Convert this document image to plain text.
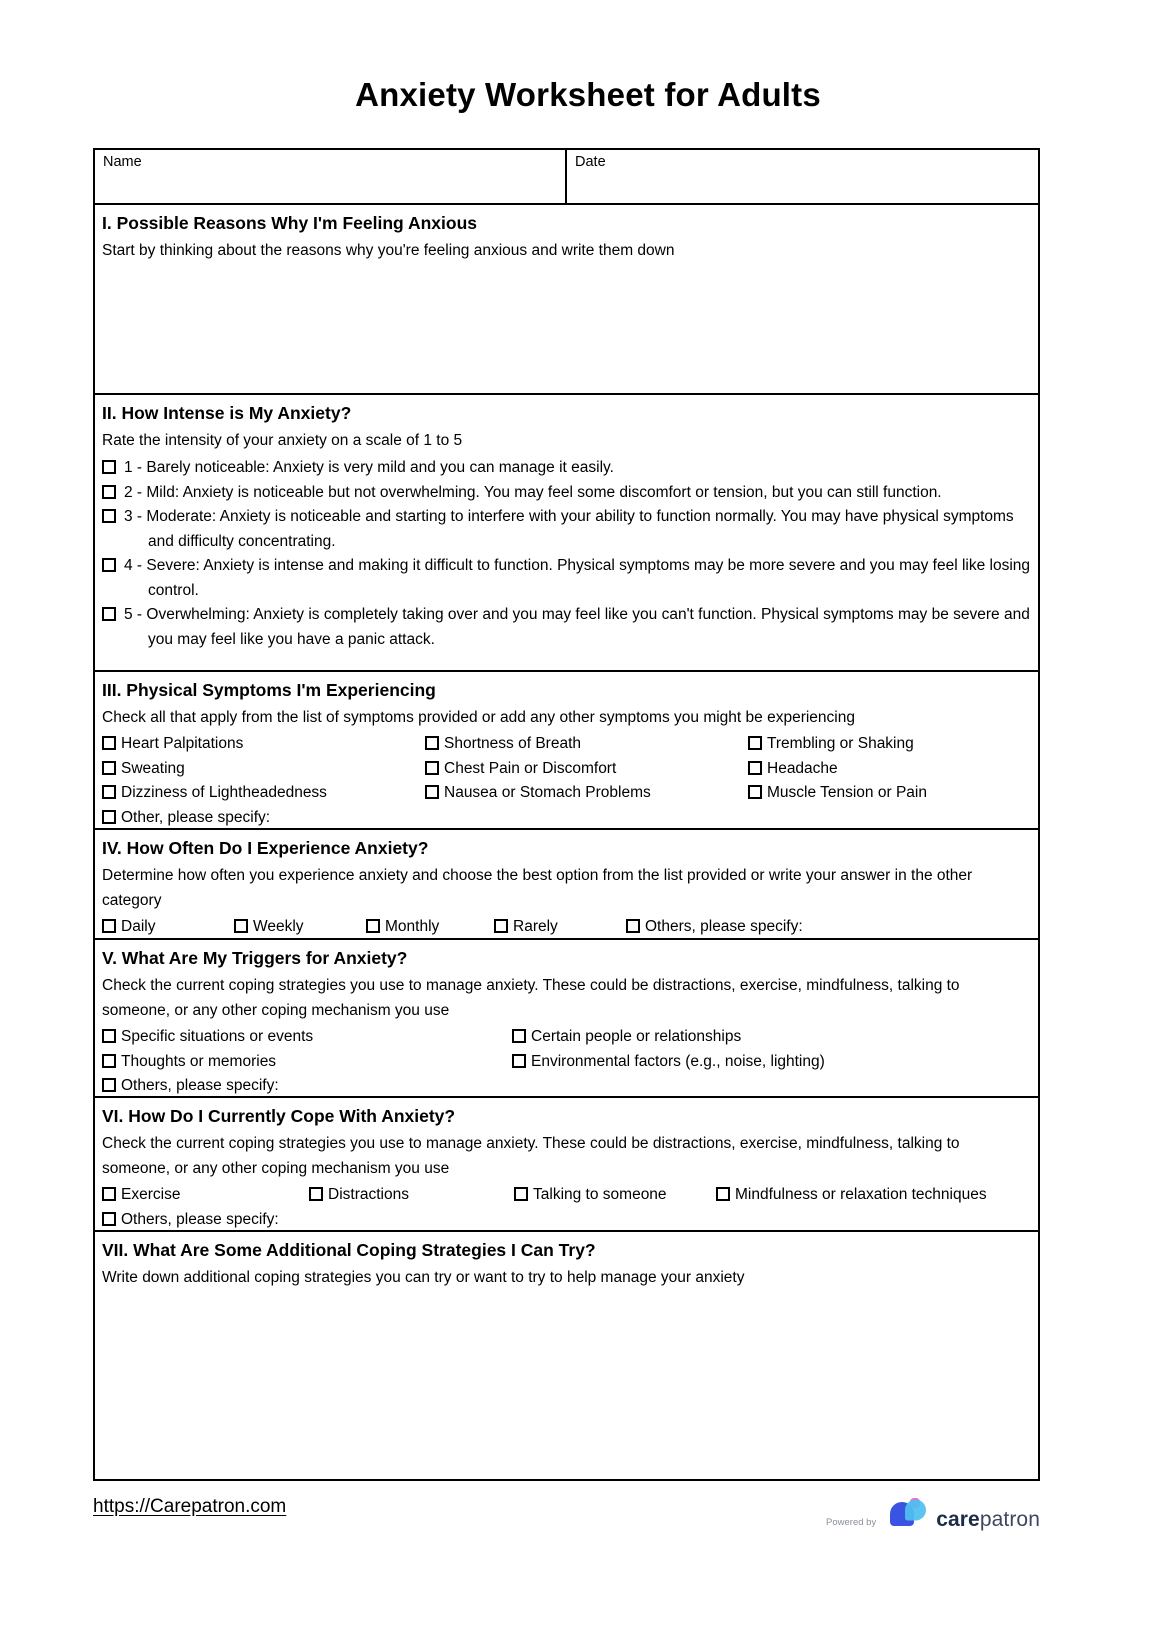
Anxiety Worksheet for Adults
Name	Date
I. Possible Reasons Why I'm Feeling Anxious
Start by thinking about the reasons why you're feeling anxious and write them down
II. How Intense is My Anxiety?
Rate the intensity of your anxiety on a scale of 1 to 5
1 - Barely noticeable: Anxiety is very mild and you can manage it easily.
2 - Mild: Anxiety is noticeable but not overwhelming. You may feel some discomfort or tension, but you can still function.
3 - Moderate: Anxiety is noticeable and starting to interfere with your ability to function normally. You may have physical symptoms and difficulty concentrating.
4 - Severe: Anxiety is intense and making it difficult to function. Physical symptoms may be more severe and you may feel like losing control.
5 - Overwhelming: Anxiety is completely taking over and you may feel like you can't function. Physical symptoms may be severe and you may feel like you have a panic attack.
III. Physical Symptoms I'm Experiencing
Check all that apply from the list of symptoms provided or add any other symptoms you might be experiencing
Heart Palpitations	Shortness of Breath	Trembling or Shaking
Sweating	Chest Pain or Discomfort	Headache
Dizziness of Lightheadedness	Nausea or Stomach Problems	Muscle Tension or Pain
Other, please specify:
IV. How Often Do I Experience Anxiety?
Determine how often you experience anxiety and choose the best option from the list provided or write your answer in the other category
Daily	Weekly	Monthly	Rarely	Others, please specify:
V. What Are My Triggers for Anxiety?
Check the current coping strategies you use to manage anxiety. These could be distractions, exercise, mindfulness, talking to someone, or any other coping mechanism you use
Specific situations or events	Certain people or relationships
Thoughts or memories	Environmental factors (e.g., noise, lighting)
Others, please specify:
VI. How Do I Currently Cope With Anxiety?
Check the current coping strategies you use to manage anxiety. These could be distractions, exercise, mindfulness, talking to someone, or any other coping mechanism you use
Exercise	Distractions	Talking to someone	Mindfulness or relaxation techniques
Others, please specify:
VII. What Are Some Additional Coping Strategies I Can Try?
Write down additional coping strategies you can try or want to try to help manage your anxiety
https://Carepatron.com
Powered by	carepatron
